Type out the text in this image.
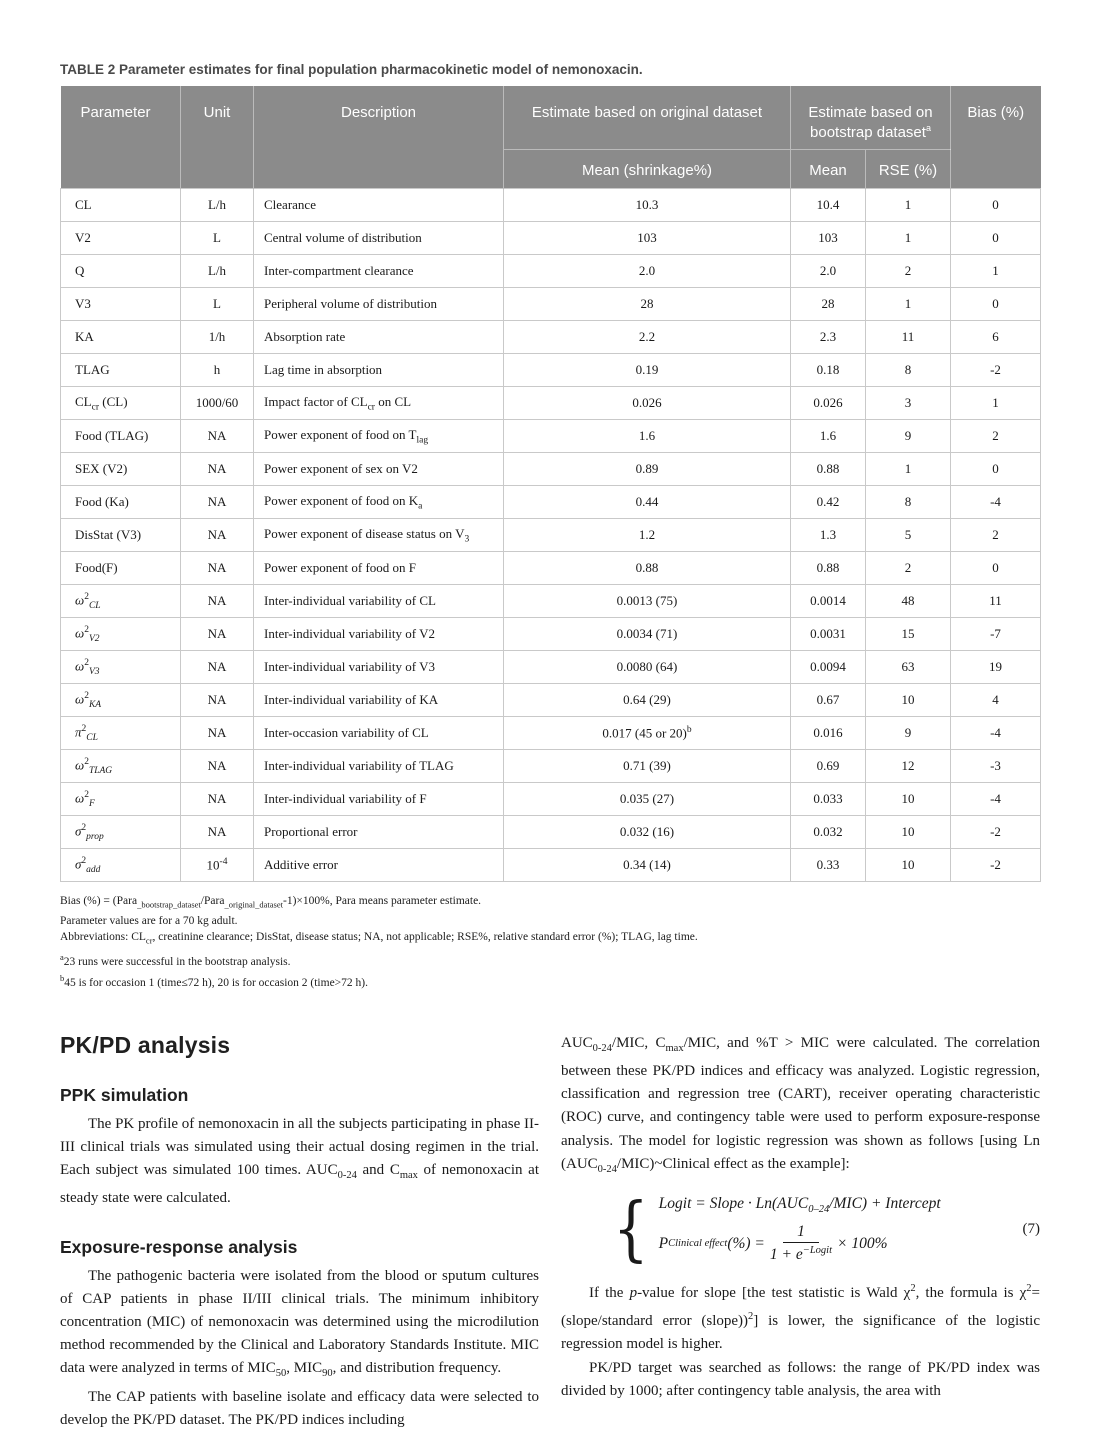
TABLE 2 Parameter estimates for final population pharmacokinetic model of nemonoxacin.
Parameter	Unit	Description	Estimate based on original dataset	Estimate based on bootstrap dataset$^a$		Bias (%)
			Mean (shrinkage%)	Mean	RSE (%)	
CL	L/h	Clearance	10.3	10.4	1	0
V2	L	Central volume of distribution	103	103	1	0
Q	L/h	Inter-compartment clearance	2.0	2.0	2	1
V3	L	Peripheral volume of distribution	28	28	1	0
KA	1/h	Absorption rate	2.2	2.3	11	6
TLAG	h	Lag time in absorption	0.19	0.18	8	-2
$CL_{cr}$ (CL)	1000/60	Impact factor of $CL_{cr}$ on CL	0.026	0.026	3	1
Food (TLAG)	NA	Power exponent of food on $T_{lag}$	1.6	1.6	9	2
SEX (V2)	NA	Power exponent of sex on V2	0.89	0.88	1	0
Food (Ka)	NA	Power exponent of food on $K_a$	0.44	0.42	8	-4
DisStat (V3)	NA	Power exponent of disease status on $V_3$	1.2	1.3	5	2
Food(F)	NA	Power exponent of food on F	0.88	0.88	2	0
$\omega^2_{CL}$	NA	Inter-individual variability of CL	0.0013 (75)	0.0014	48	11
$\omega^2_{V2}$	NA	Inter-individual variability of V2	0.0034 (71)	0.0031	15	-7
$\omega^2_{V3}$	NA	Inter-individual variability of V3	0.0080 (64)	0.0094	63	19
$\omega^2_{KA}$	NA	Inter-individual variability of KA	0.64 (29)	0.67	10	4
$\pi^2_{CL}$	NA	Inter-occasion variability of CL	0.017 (45 or 20)$^b$	0.016	9	-4
$\omega^2_{TLAG}$	NA	Inter-individual variability of TLAG	0.71 (39)	0.69	12	-3
$\omega^2_F$	NA	Inter-individual variability of F	0.035 (27)	0.033	10	-4
$\sigma^2_{prop}$	NA	Proportional error	0.032 (16)	0.032	10	-2
$\sigma^2_{add}$	$10^{-4}$	Additive error	0.34 (14)	0.33	10	-2
Bias (%) = (Para$_{\_bootstrap\_dataset}$/Para$_{\_original\_dataset}$-1)×100%, Para means parameter estimate.
Parameter values are for a 70 kg adult.
Abbreviations: $CL_{cr}$, creatinine clearance; DisStat, disease status; NA, not applicable; RSE%, relative standard error (%); TLAG, lag time.
$^a$23 runs were successful in the bootstrap analysis.
$^b$45 is for occasion 1 (time≤72 h), 20 is for occasion 2 (time>72 h).
PK/PD analysis
PPK simulation

The PK profile of nemonoxacin in all the subjects participating in phase II-III clinical trials was simulated using their actual dosing regimen in the trial. Each subject was simulated 100 times. $AUC_{0-24}$ and $C_{max}$ of nemonoxacin at steady state were calculated.

Exposure-response analysis

The pathogenic bacteria were isolated from the blood or sputum cultures of CAP patients in phase II/III clinical trials. The minimum inhibitory concentration (MIC) of nemonoxacin was determined using the microdilution method recommended by the Clinical and Laboratory Standards Institute. MIC data were analyzed in terms of $MIC_{50}$, $MIC_{90}$, and distribution frequency.

The CAP patients with baseline isolate and efficacy data were selected to develop the PK/PD dataset. The PK/PD indices including

$AUC_{0-24}$/MIC, $C_{max}$/MIC, and %T > MIC were calculated. The correlation between these PK/PD indices and efficacy was analyzed. Logistic regression, classification and regression tree (CART), receiver operating characteristic (ROC) curve, and contingency table were used to perform exposure-response analysis. The model for logistic regression was shown as follows [using Ln $(AUC_{0-24}/MIC)\sim Clinical$ effect as the example]:

{ Logit = Slope · $Ln(AUC_{0-24}/MIC)$ + Intercept
P Clinical effect (%) = $\frac{1}{1 + e^{-Logit}} \times 100\%$
(7)

If the p-value for slope [the test statistic is Wald $\chi^2$, the formula is $\chi^2=(slope$/standard error (slope))$^2$] is lower, the significance of the logistic regression model is higher.

PK/PD target was searched as follows: the range of PK/PD index was divided by 1000; after contingency table analysis, the area with
